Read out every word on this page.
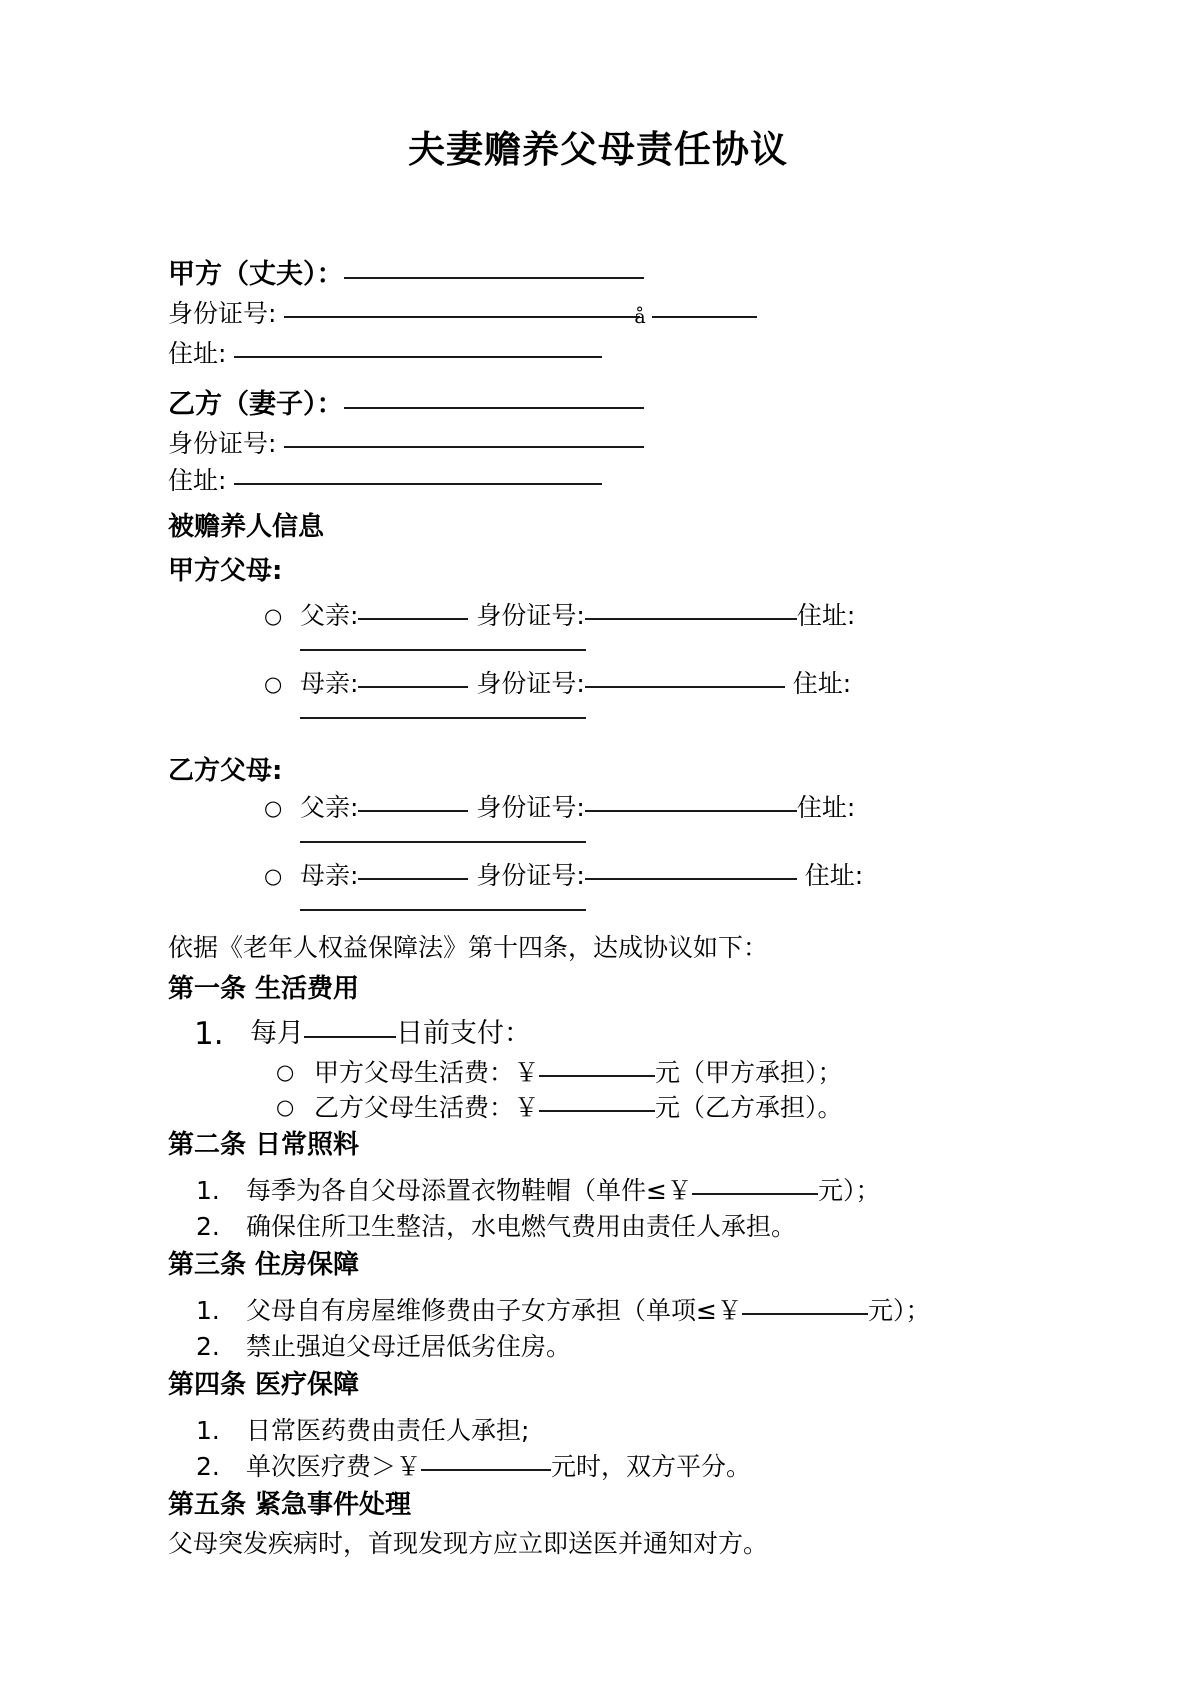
夫妻赡养父母责任协议
甲方（丈夫）：
身份证号:	å
住址:
乙方（妻子）：
身份证号:
住址:
被赡养人信息
甲方父母:
○ 父亲:	身份证号:	住址:
○ 母亲:	身份证号:	住址:
乙方父母:
○ 父亲:	身份证号:	住址:
○ 母亲:	身份证号:	住址:
依据《老年人权益保障法》第十四条，达成协议如下：
第一条 生活费用
1. 每月	日前支付：
○ 甲方父母生活费：￥	元（甲方承担）；
○ 乙方父母生活费：￥	元（乙方承担）。
第二条 日常照料
1. 每季为各自父母添置衣物鞋帽（单件≤￥	元）；
2. 确保住所卫生整洁，水电燃气费用由责任人承担。
第三条 住房保障
1. 父母自有房屋维修费由子女方承担（单项≤￥	元）；
2. 禁止强迫父母迁居低劣住房。
第四条 医疗保障
1. 日常医药费由责任人承担;
2. 单次医疗费＞￥	元时，双方平分。
第五条 紧急事件处理
父母突发疾病时，首现发现方应立即送医并通知对方。
